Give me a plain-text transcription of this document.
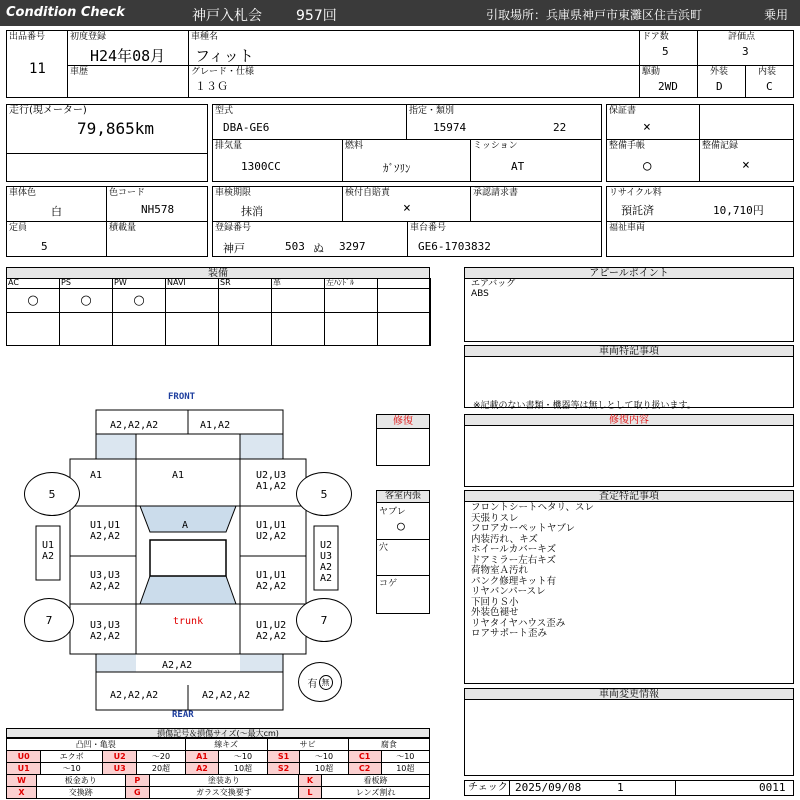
Condition Check	神戸入札会 957回	引取場所：兵庫県神戸市東灘区住吉浜町	乗用
出品番号
11
初度登録
H24年08月
車歴
車種名
フィット
グレード・仕様
１３Ｇ
ドア数
5
評価点
3
駆動
2WD
外装
D
内装
C
走行(現メーター)
79,865km
型式
DBA-GE6
指定・類別
15974	22
保証書
×
排気量
1300CC
燃料
ｶﾞｿﾘﾝ
ミッション
AT
整備手帳
○
整備記録
×
車体色
白
色コード
NH578
定員
5
積載量
車検期限
抹消
検付自賠責
×
承認請求書
登録番号
神戸	503 ぬ 3297
車台番号
GE6-1703832
リサイクル料
預託済	10,710円
福祉車両
装備
AC
○
PS
○
PW
○
NAVI	SR	革	左ﾊﾝﾄﾞﾙ
アピールポイント
エアバッグ
ABS
車両特記事項
※記載のない書類・機器等は無しとして取り扱います。
修復内容
査定特記事項
フロントシートヘタリ、スレ
天張りスレ
フロアカーペットヤブレ
内装汚れ、キズ
ホイールカバーキズ
ドアミラー左右キズ
荷物室Ａ汚れ
パンク修理キット有
リヤバンパースレ
下回りＳ小
外装色褪せ
リヤタイヤハウス歪み
ロアサポート歪み
車両変更情報
チェック 2025/09/08	1	0011
FRONT
REAR
A2,A2,A2	A1,A2
A1	A1	U2,U3
A1,A2
A
U1,U1
A2,A2
U1,U1
U2,A2
U3,U3
A2,A2
U1,U1
A2,A2
U3,U3
A2,A2
U1,U2
A2,A2
trunk
A2,A2
A2,A2,A2	A2,A2,A2
U1
A2
U2
U3
A2
A2
5	5
7	7
有 無
修復
客室内張
ヤブレ
○
穴
コゲ
損傷記号＆損傷サイズ(〜最大cm)
凸凹・亀裂				線キズ		サビ		腐食	
U0	エクボ	U2	〜20	A1	〜10	S1	〜10	C1	〜10
U1	〜10	U3	20超	A2	10超	S2	10超	C2	10超
W	板金あり	P	塗装あり	K	看板跡
X	交換跡	G	ガラス交換要す	L	レンズ割れ
